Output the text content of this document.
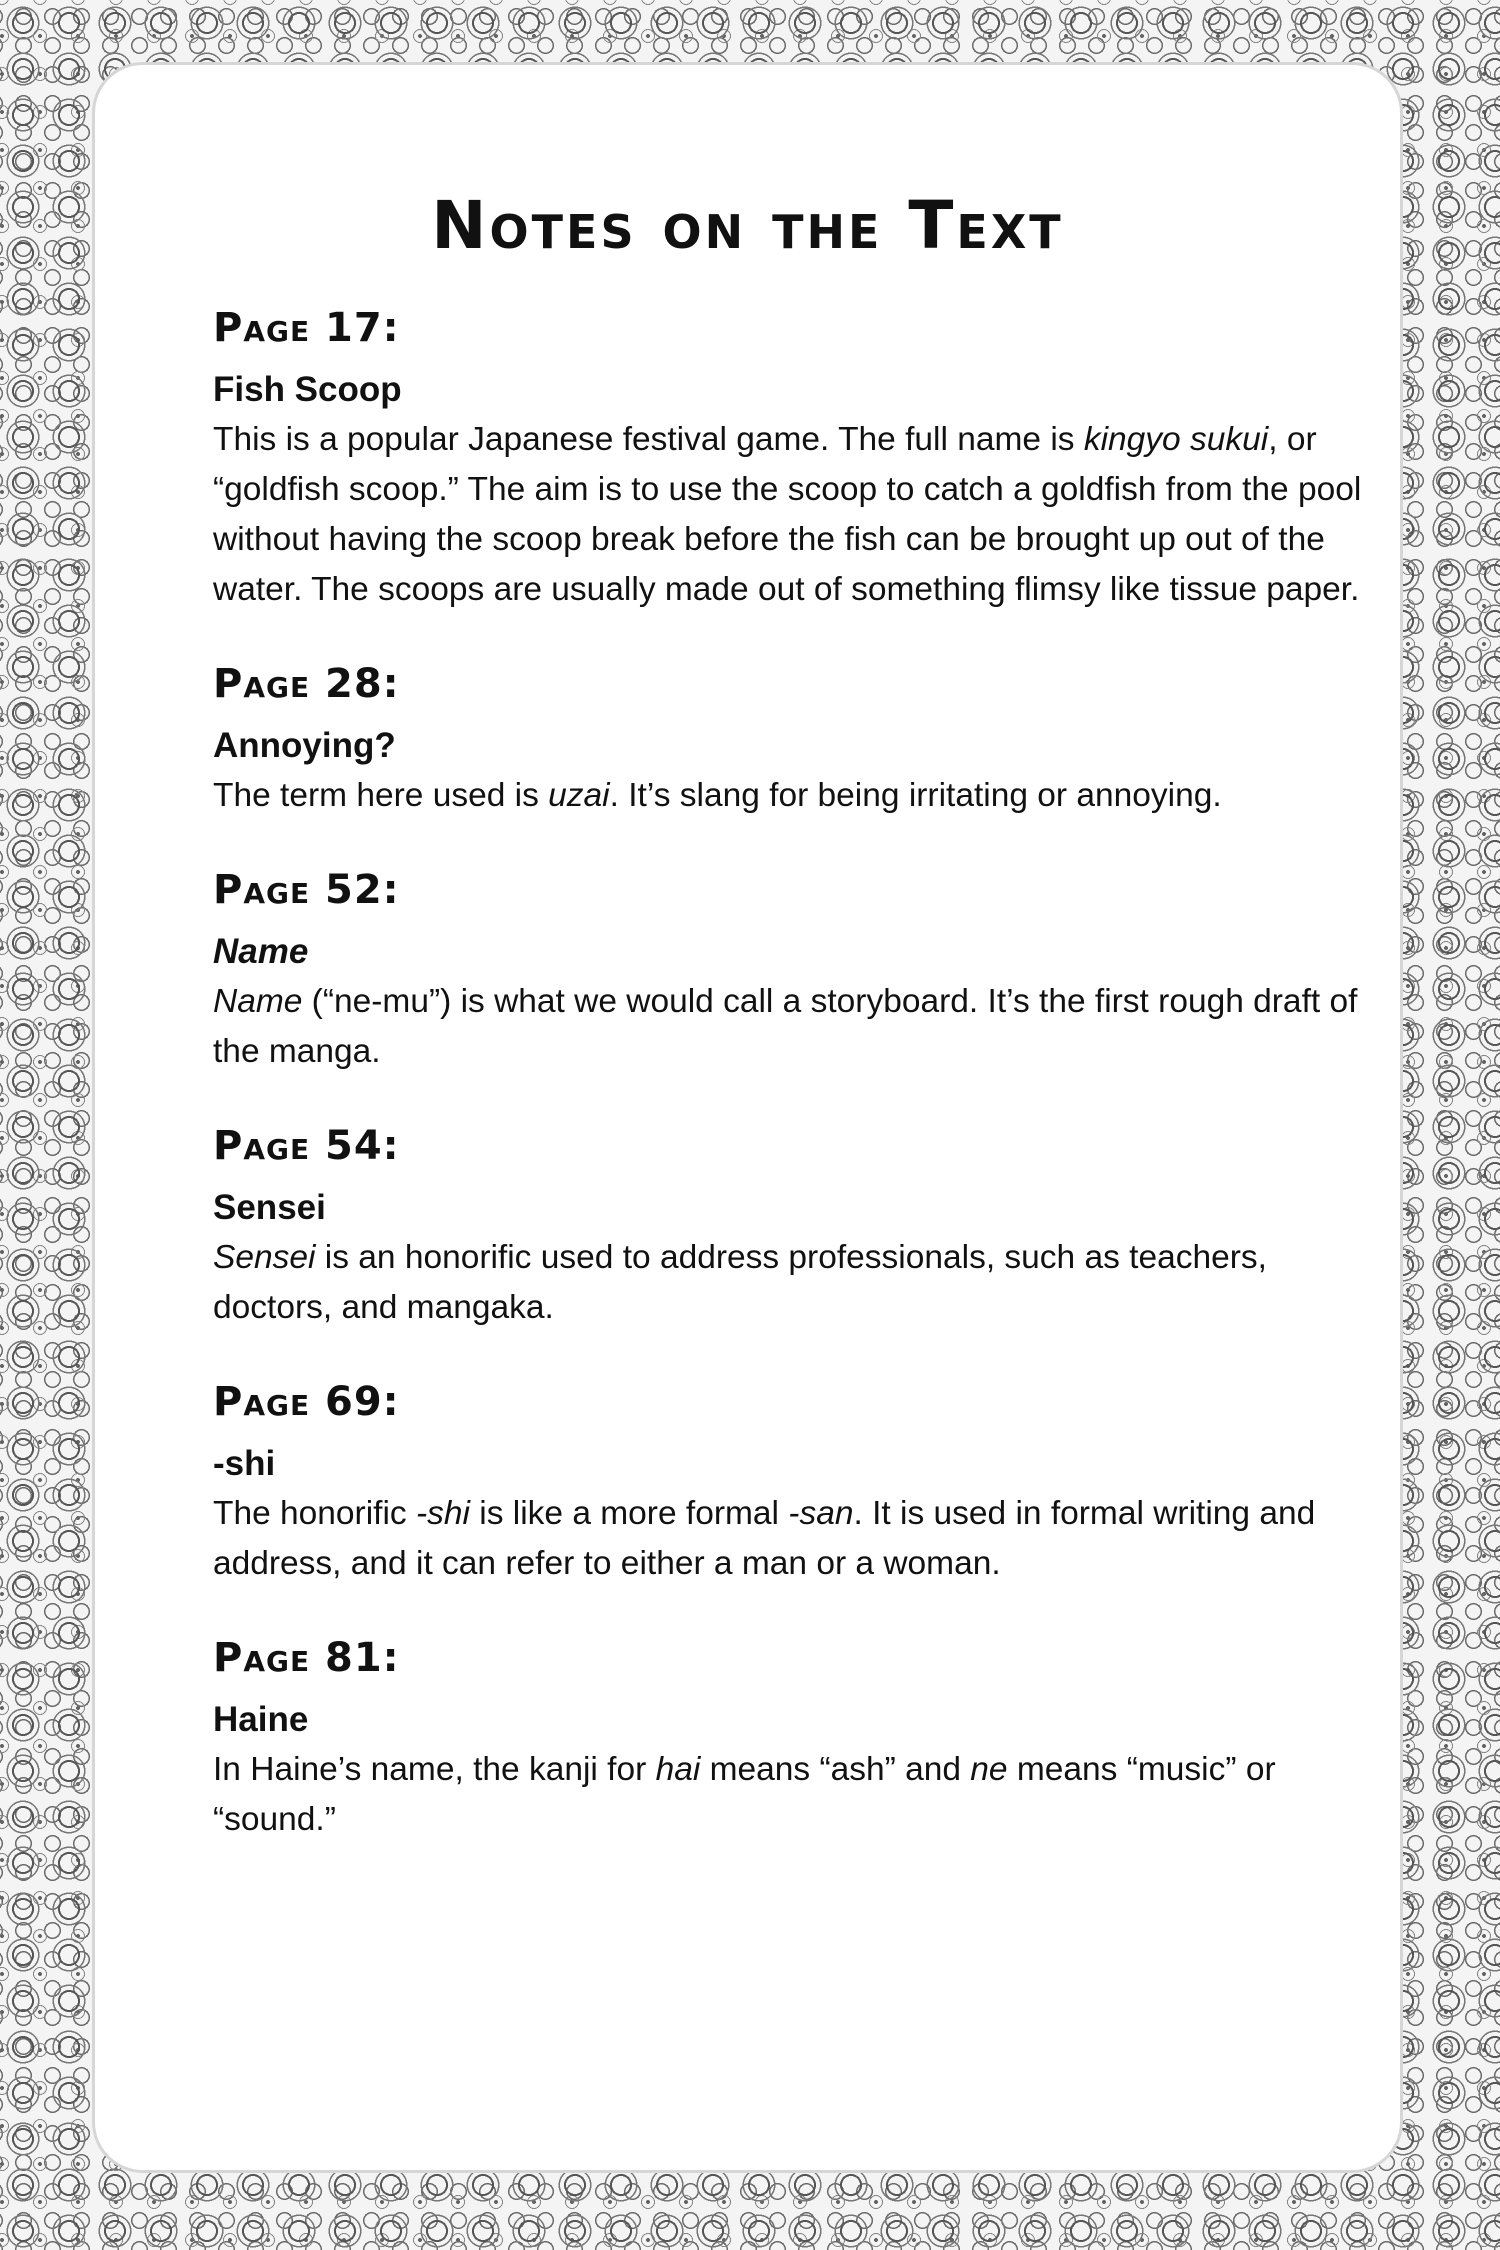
Notes on the Text
Page 17:

Fish Scoop

This is a popular Japanese festival game. The full name is kingyo sukui, or “goldfish scoop.” The aim is to use the scoop to catch a goldfish from the pool without having the scoop break before the fish can be brought up out of the water. The scoops are usually made out of something flimsy like tissue paper.

Page 28:

Annoying?

The term here used is uzai. It’s slang for being irritating or annoying.

Page 52:

Name

Name (“ne-mu”) is what we would call a storyboard. It’s the first rough draft of the manga.

Page 54:

Sensei

Sensei is an honorific used to address professionals, such as teachers, doctors, and mangaka.

Page 69:

-shi

The honorific -shi is like a more formal -san. It is used in formal writing and address, and it can refer to either a man or a woman.

Page 81:

Haine

In Haine’s name, the kanji for hai means “ash” and ne means “music” or “sound.”
